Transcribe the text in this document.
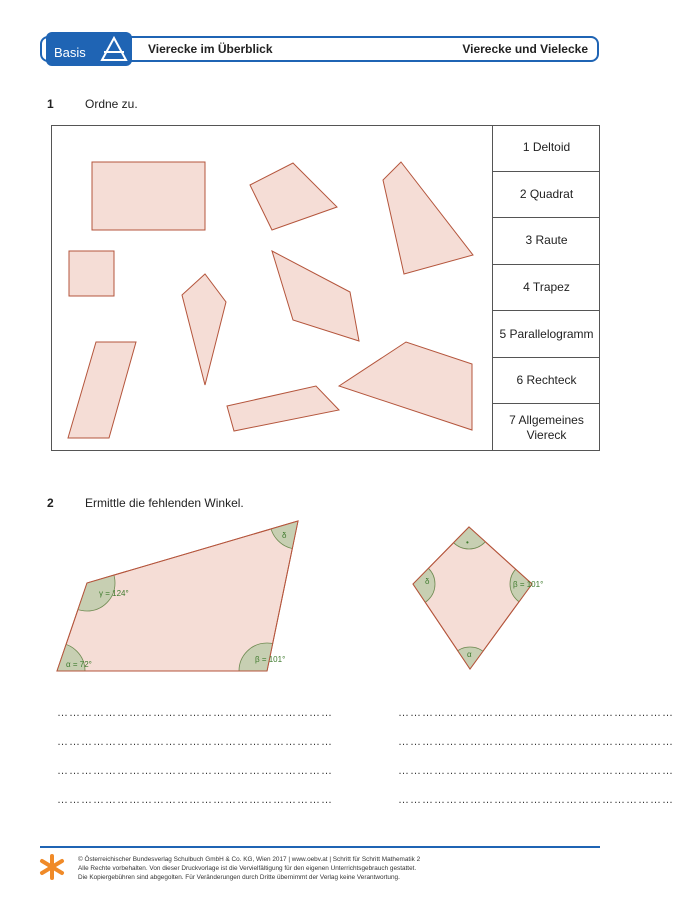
Basis	Vierecke im Überblick	Vierecke und Vielecke
1	Ordne zu.
1 Deltoid
2 Quadrat
3 Raute
4 Trapez
5 Parallelogramm
6 Rechteck
7 Allgemeines
Viereck
2	Ermittle die fehlenden Winkel.
α = 72°
γ = 124°
β = 101°
δ
•
β = 101°
δ
α
……………………………………………………………
……………………………………………………………
……………………………………………………………
……………………………………………………………
……………………………………………………………
……………………………………………………………
……………………………………………………………
……………………………………………………………
© Österreichischer Bundesverlag Schulbuch GmbH & Co. KG, Wien 2017 | www.oebv.at | Schritt für Schritt Mathematik 2
Alle Rechte vorbehalten. Von dieser Druckvorlage ist die Vervielfältigung für den eigenen Unterrichtsgebrauch gestattet.
Die Kopiergebühren sind abgegolten. Für Veränderungen durch Dritte übernimmt der Verlag keine Verantwortung.
